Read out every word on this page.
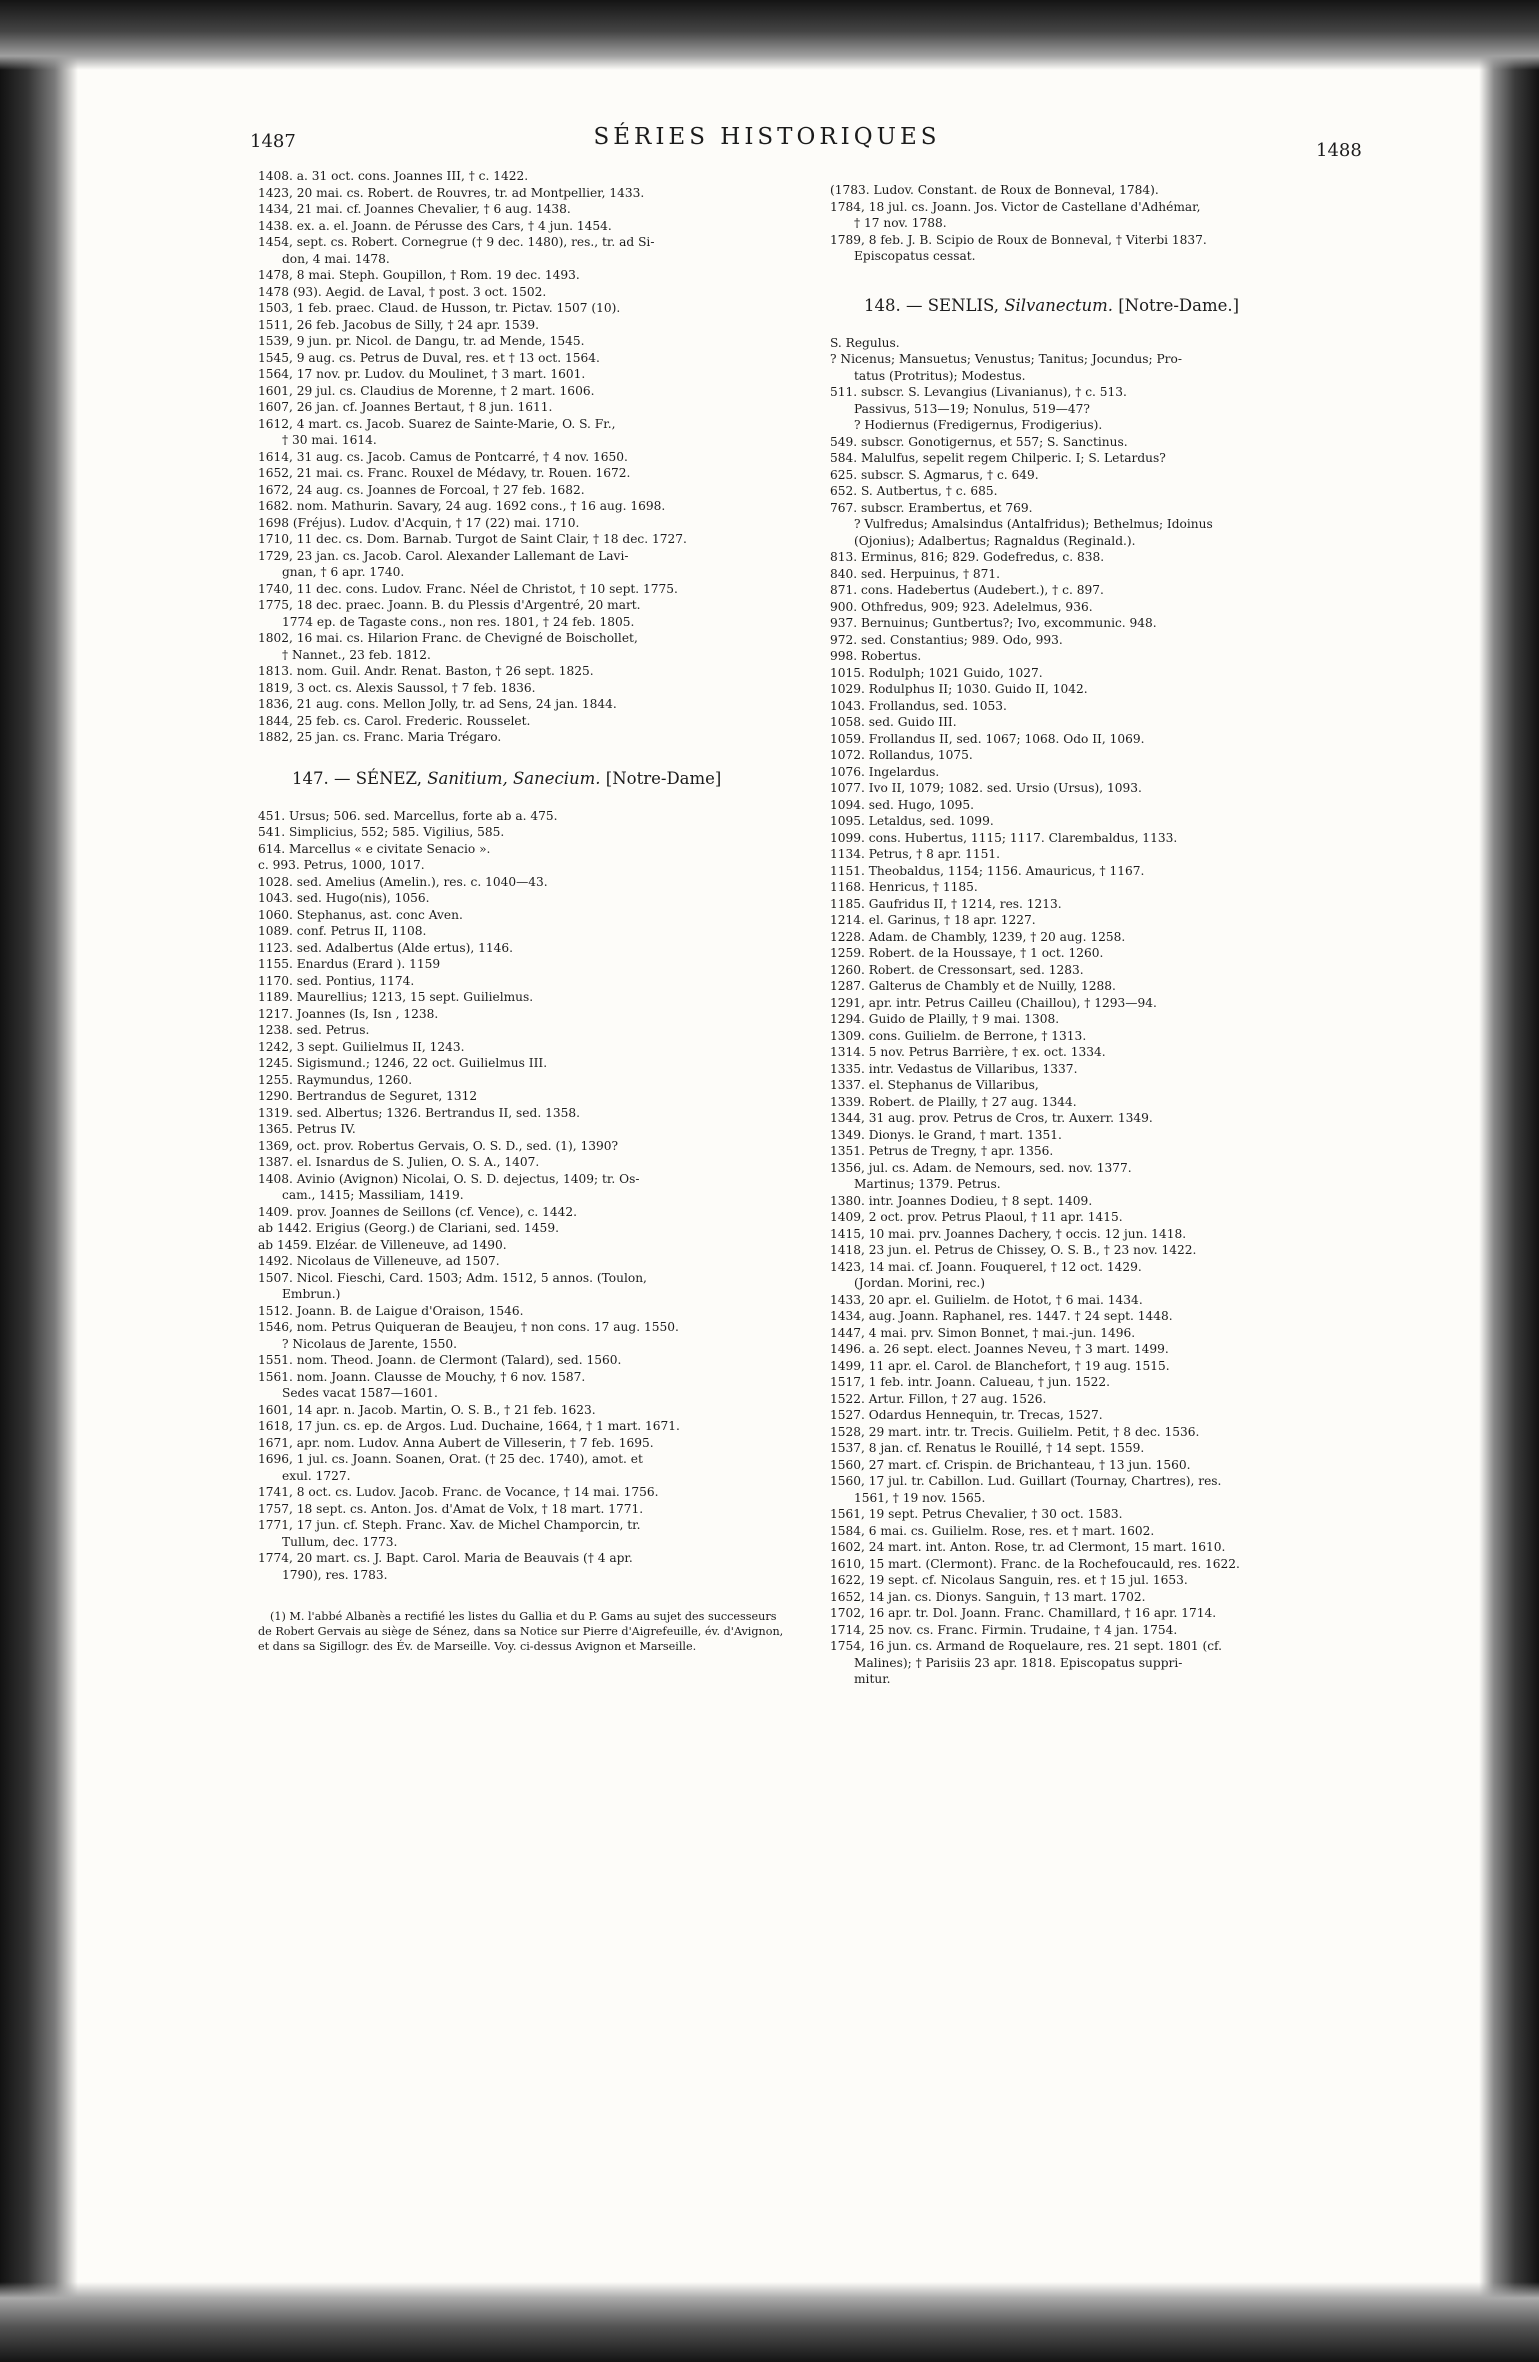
1487	SÉRIES HISTORIQUES
1488
1408. a. 31 oct. cons. Joannes III, † c. 1422.
1423, 20 mai. cs. Robert. de Rouvres, tr. ad Montpellier, 1433.
1434, 21 mai. cf. Joannes Chevalier, † 6 aug. 1438.
1438. ex. a. el. Joann. de Pérusse des Cars, † 4 jun. 1454.
1454, sept. cs. Robert. Cornegrue († 9 dec. 1480), res., tr. ad Si-
don, 4 mai. 1478.
1478, 8 mai. Steph. Goupillon, † Rom. 19 dec. 1493.
1478 (93). Aegid. de Laval, † post. 3 oct. 1502.
1503, 1 feb. praec. Claud. de Husson, tr. Pictav. 1507 (10).
1511, 26 feb. Jacobus de Silly, † 24 apr. 1539.
1539, 9 jun. pr. Nicol. de Dangu, tr. ad Mende, 1545.
1545, 9 aug. cs. Petrus de Duval, res. et † 13 oct. 1564.
1564, 17 nov. pr. Ludov. du Moulinet, † 3 mart. 1601.
1601, 29 jul. cs. Claudius de Morenne, † 2 mart. 1606.
1607, 26 jan. cf. Joannes Bertaut, † 8 jun. 1611.
1612, 4 mart. cs. Jacob. Suarez de Sainte-Marie, O. S. Fr.,
† 30 mai. 1614.
1614, 31 aug. cs. Jacob. Camus de Pontcarré, † 4 nov. 1650.
1652, 21 mai. cs. Franc. Rouxel de Médavy, tr. Rouen. 1672.
1672, 24 aug. cs. Joannes de Forcoal, † 27 feb. 1682.
1682. nom. Mathurin. Savary, 24 aug. 1692 cons., † 16 aug. 1698.
1698 (Fréjus). Ludov. d'Acquin, † 17 (22) mai. 1710.
1710, 11 dec. cs. Dom. Barnab. Turgot de Saint Clair, † 18 dec. 1727.
1729, 23 jan. cs. Jacob. Carol. Alexander Lallemant de Lavi-
gnan, † 6 apr. 1740.
1740, 11 dec. cons. Ludov. Franc. Néel de Christot, † 10 sept. 1775.
1775, 18 dec. praec. Joann. B. du Plessis d'Argentré, 20 mart.
1774 ep. de Tagaste cons., non res. 1801, † 24 feb. 1805.
1802, 16 mai. cs. Hilarion Franc. de Chevigné de Boischollet,
† Nannet., 23 feb. 1812.
1813. nom. Guil. Andr. Renat. Baston, † 26 sept. 1825.
1819, 3 oct. cs. Alexis Saussol, † 7 feb. 1836.
1836, 21 aug. cons. Mellon Jolly, tr. ad Sens, 24 jan. 1844.
1844, 25 feb. cs. Carol. Frederic. Rousselet.
1882, 25 jan. cs. Franc. Maria Trégaro.
147. — SÉNEZ, Sanitium, Sanecium. [Notre-Dame]
451. Ursus; 506. sed. Marcellus, forte ab a. 475.
541. Simplicius, 552; 585. Vigilius, 585.
614. Marcellus « e civitate Senacio ».
c. 993. Petrus, 1000, 1017.
1028. sed. Amelius (Amelin.), res. c. 1040—43.
1043. sed. Hugo(nis), 1056.
1060. Stephanus, ast. conc Aven.
1089. conf. Petrus II, 1108.
1123. sed. Adalbertus (Alde ertus), 1146.
1155. Enardus (Erard ). 1159
1170. sed. Pontius, 1174.
1189. Maurellius; 1213, 15 sept. Guilielmus.
1217. Joannes (Is, Isn , 1238.
1238. sed. Petrus.
1242, 3 sept. Guilielmus II, 1243.
1245. Sigismund.; 1246, 22 oct. Guilielmus III.
1255. Raymundus, 1260.
1290. Bertrandus de Seguret, 1312
1319. sed. Albertus; 1326. Bertrandus II, sed. 1358.
1365. Petrus IV.
1369, oct. prov. Robertus Gervais, O. S. D., sed. (1), 1390?
1387. el. Isnardus de S. Julien, O. S. A., 1407.
1408. Avinio (Avignon) Nicolai, O. S. D. dejectus, 1409; tr. Os-
cam., 1415; Massiliam, 1419.
1409. prov. Joannes de Seillons (cf. Vence), c. 1442.
ab 1442. Erigius (Georg.) de Clariani, sed. 1459.
ab 1459. Elzéar. de Villeneuve, ad 1490.
1492. Nicolaus de Villeneuve, ad 1507.
1507. Nicol. Fieschi, Card. 1503; Adm. 1512, 5 annos. (Toulon,
Embrun.)
1512. Joann. B. de Laigue d'Oraison, 1546.
1546, nom. Petrus Quiqueran de Beaujeu, † non cons. 17 aug. 1550.
? Nicolaus de Jarente, 1550.
1551. nom. Theod. Joann. de Clermont (Talard), sed. 1560.
1561. nom. Joann. Clausse de Mouchy, † 6 nov. 1587.
Sedes vacat 1587—1601.
1601, 14 apr. n. Jacob. Martin, O. S. B., † 21 feb. 1623.
1618, 17 jun. cs. ep. de Argos. Lud. Duchaine, 1664, † 1 mart. 1671.
1671, apr. nom. Ludov. Anna Aubert de Villeserin, † 7 feb. 1695.
1696, 1 jul. cs. Joann. Soanen, Orat. († 25 dec. 1740), amot. et
exul. 1727.
1741, 8 oct. cs. Ludov. Jacob. Franc. de Vocance, † 14 mai. 1756.
1757, 18 sept. cs. Anton. Jos. d'Amat de Volx, † 18 mart. 1771.
1771, 17 jun. cf. Steph. Franc. Xav. de Michel Champorcin, tr.
Tullum, dec. 1773.
1774, 20 mart. cs. J. Bapt. Carol. Maria de Beauvais († 4 apr.
1790), res. 1783.
(1) M. l'abbé Albanès a rectifié les listes du Gallia et du P. Gams au sujet des successeurs de Robert Gervais au siège de Sénez, dans sa Notice sur Pierre d'Aigrefeuille, év. d'Avignon, et dans sa Sigillogr. des Év. de Marseille. Voy. ci-dessus Avignon et Marseille.
(1783. Ludov. Constant. de Roux de Bonneval, 1784).
1784, 18 jul. cs. Joann. Jos. Victor de Castellane d'Adhémar,
† 17 nov. 1788.
1789, 8 feb. J. B. Scipio de Roux de Bonneval, † Viterbi 1837.
Episcopatus cessat.
148. — SENLIS, Silvanectum. [Notre-Dame.]
S. Regulus.
? Nicenus; Mansuetus; Venustus; Tanitus; Jocundus; Pro-
tatus (Protritus); Modestus.
511. subscr. S. Levangius (Livanianus), † c. 513.
Passivus, 513—19; Nonulus, 519—47?
? Hodiernus (Fredigernus, Frodigerius).
549. subscr. Gonotigernus, et 557; S. Sanctinus.
584. Malulfus, sepelit regem Chilperic. I; S. Letardus?
625. subscr. S. Agmarus, † c. 649.
652. S. Autbertus, † c. 685.
767. subscr. Erambertus, et 769.
? Vulfredus; Amalsindus (Antalfridus); Bethelmus; Idoinus
(Ojonius); Adalbertus; Ragnaldus (Reginald.).
813. Erminus, 816; 829. Godefredus, c. 838.
840. sed. Herpuinus, † 871.
871. cons. Hadebertus (Audebert.), † c. 897.
900. Othfredus, 909; 923. Adelelmus, 936.
937. Bernuinus; Guntbertus?; Ivo, excommunic. 948.
972. sed. Constantius; 989. Odo, 993.
998. Robertus.
1015. Rodulph; 1021 Guido, 1027.
1029. Rodulphus II; 1030. Guido II, 1042.
1043. Frollandus, sed. 1053.
1058. sed. Guido III.
1059. Frollandus II, sed. 1067; 1068. Odo II, 1069.
1072. Rollandus, 1075.
1076. Ingelardus.
1077. Ivo II, 1079; 1082. sed. Ursio (Ursus), 1093.
1094. sed. Hugo, 1095.
1095. Letaldus, sed. 1099.
1099. cons. Hubertus, 1115; 1117. Clarembaldus, 1133.
1134. Petrus, † 8 apr. 1151.
1151. Theobaldus, 1154; 1156. Amauricus, † 1167.
1168. Henricus, † 1185.
1185. Gaufridus II, † 1214, res. 1213.
1214. el. Garinus, † 18 apr. 1227.
1228. Adam. de Chambly, 1239, † 20 aug. 1258.
1259. Robert. de la Houssaye, † 1 oct. 1260.
1260. Robert. de Cressonsart, sed. 1283.
1287. Galterus de Chambly et de Nuilly, 1288.
1291, apr. intr. Petrus Cailleu (Chaillou), † 1293—94.
1294. Guido de Plailly, † 9 mai. 1308.
1309. cons. Guilielm. de Berrone, † 1313.
1314. 5 nov. Petrus Barrière, † ex. oct. 1334.
1335. intr. Vedastus de Villaribus, 1337.
1337. el. Stephanus de Villaribus,
1339. Robert. de Plailly, † 27 aug. 1344.
1344, 31 aug. prov. Petrus de Cros, tr. Auxerr. 1349.
1349. Dionys. le Grand, † mart. 1351.
1351. Petrus de Tregny, † apr. 1356.
1356, jul. cs. Adam. de Nemours, sed. nov. 1377.
Martinus; 1379. Petrus.
1380. intr. Joannes Dodieu, † 8 sept. 1409.
1409, 2 oct. prov. Petrus Plaoul, † 11 apr. 1415.
1415, 10 mai. prv. Joannes Dachery, † occis. 12 jun. 1418.
1418, 23 jun. el. Petrus de Chissey, O. S. B., † 23 nov. 1422.
1423, 14 mai. cf. Joann. Fouquerel, † 12 oct. 1429.
(Jordan. Morini, rec.)
1433, 20 apr. el. Guilielm. de Hotot, † 6 mai. 1434.
1434, aug. Joann. Raphanel, res. 1447. † 24 sept. 1448.
1447, 4 mai. prv. Simon Bonnet, † mai.-jun. 1496.
1496. a. 26 sept. elect. Joannes Neveu, † 3 mart. 1499.
1499, 11 apr. el. Carol. de Blanchefort, † 19 aug. 1515.
1517, 1 feb. intr. Joann. Calueau, † jun. 1522.
1522. Artur. Fillon, † 27 aug. 1526.
1527. Odardus Hennequin, tr. Trecas, 1527.
1528, 29 mart. intr. tr. Trecis. Guilielm. Petit, † 8 dec. 1536.
1537, 8 jan. cf. Renatus le Rouillé, † 14 sept. 1559.
1560, 27 mart. cf. Crispin. de Brichanteau, † 13 jun. 1560.
1560, 17 jul. tr. Cabillon. Lud. Guillart (Tournay, Chartres), res.
1561, † 19 nov. 1565.
1561, 19 sept. Petrus Chevalier, † 30 oct. 1583.
1584, 6 mai. cs. Guilielm. Rose, res. et † mart. 1602.
1602, 24 mart. int. Anton. Rose, tr. ad Clermont, 15 mart. 1610.
1610, 15 mart. (Clermont). Franc. de la Rochefoucauld, res. 1622.
1622, 19 sept. cf. Nicolaus Sanguin, res. et † 15 jul. 1653.
1652, 14 jan. cs. Dionys. Sanguin, † 13 mart. 1702.
1702, 16 apr. tr. Dol. Joann. Franc. Chamillard, † 16 apr. 1714.
1714, 25 nov. cs. Franc. Firmin. Trudaine, † 4 jan. 1754.
1754, 16 jun. cs. Armand de Roquelaure, res. 21 sept. 1801 (cf.
Malines); † Parisiis 23 apr. 1818. Episcopatus suppri-
mitur.
